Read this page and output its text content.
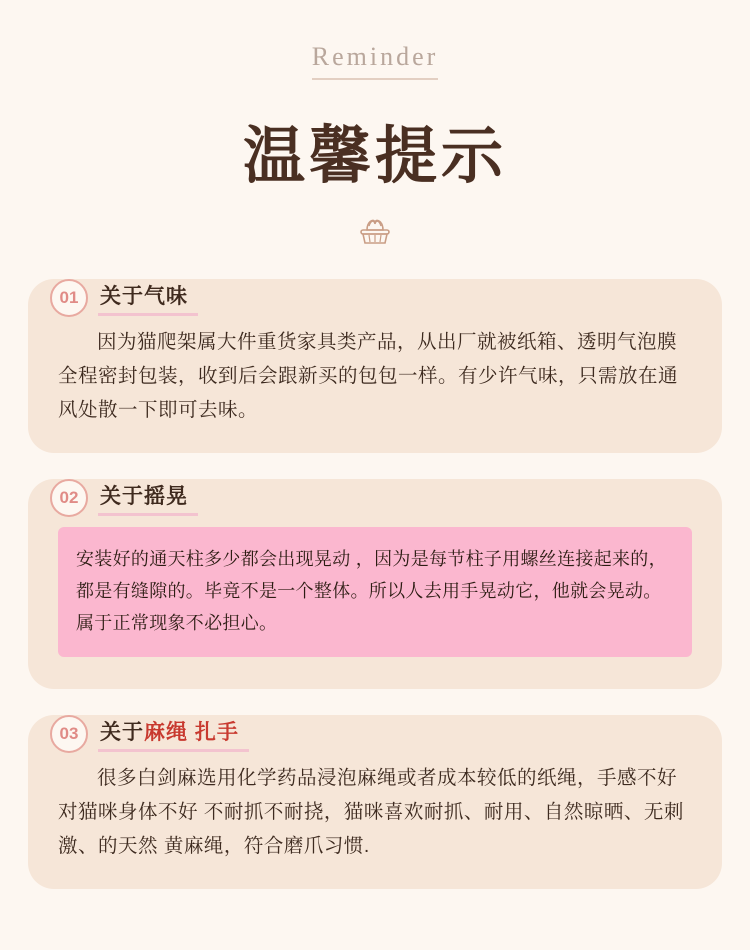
Reminder
温馨提示
01	关于气味
因为猫爬架属大件重货家具类产品，从出厂就被纸箱、透明气泡膜全程密封包装，收到后会跟新买的包包一样。有少许气味，只需放在通风处散一下即可去味。
02	关于摇晃
安装好的通天柱多少都会出现晃动 ，因为是每节柱子用螺丝连接起来的，都是有缝隙的。毕竟不是一个整体。所以人去用手晃动它，他就会晃动。属于正常现象不必担心。
03	关于麻绳 扎手
很多白剑麻选用化学药品浸泡麻绳或者成本较低的纸绳，手感不好对猫咪身体不好 不耐抓不耐挠，猫咪喜欢耐抓、耐用、自然晾晒、无刺激、的天然 黄麻绳，符合磨爪习惯.
